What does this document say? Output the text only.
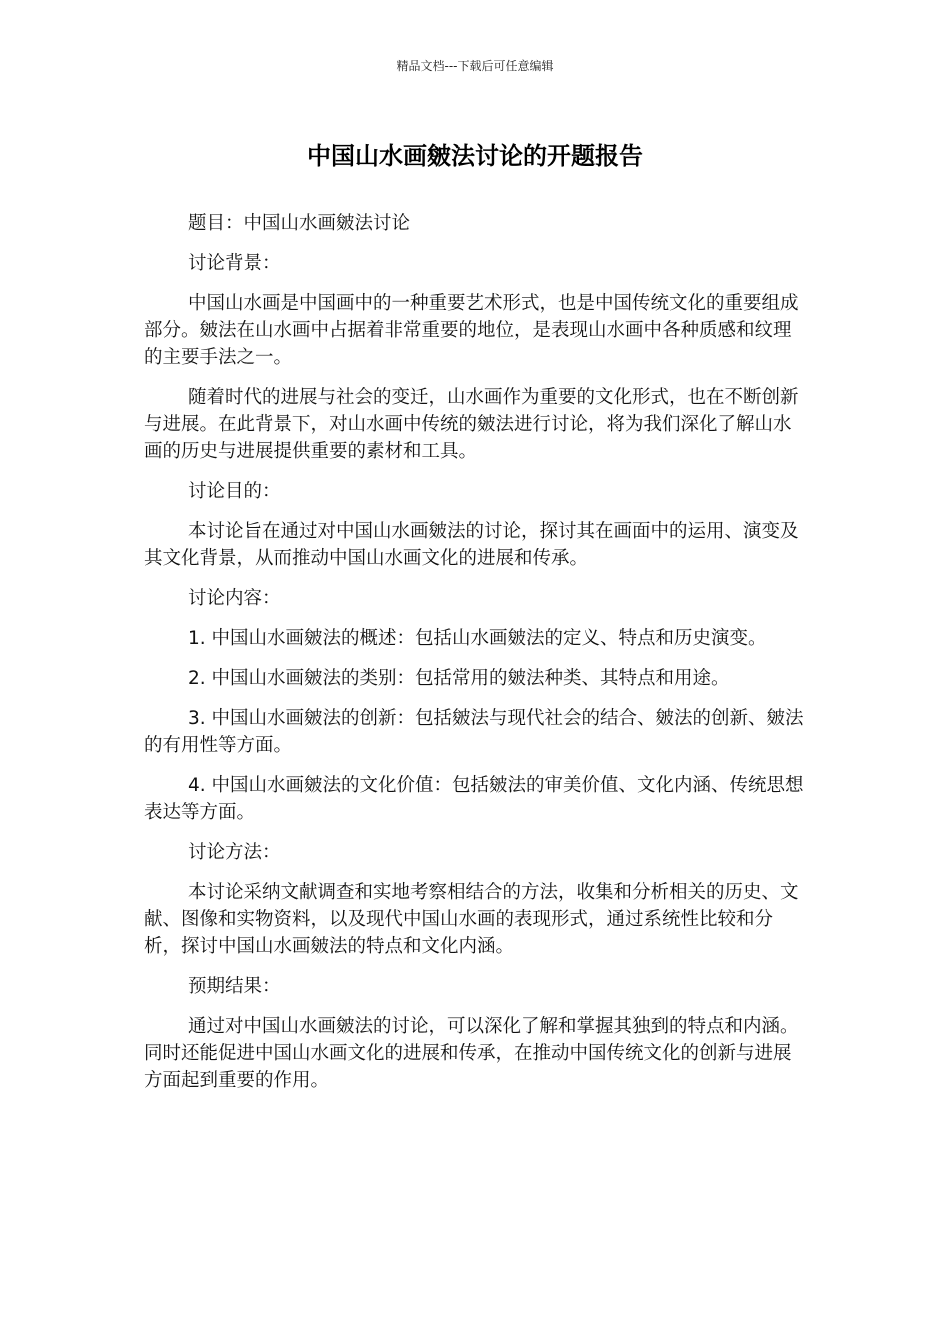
精品文档---下载后可任意编辑
中国山水画皴法讨论的开题报告

题目：中国山水画皴法讨论

讨论背景：

中国山水画是中国画中的一种重要艺术形式，也是中国传统文化的重要组成部分。皴法在山水画中占据着非常重要的地位，是表现山水画中各种质感和纹理的主要手法之一。

随着时代的进展与社会的变迁，山水画作为重要的文化形式，也在不断创新与进展。在此背景下，对山水画中传统的皴法进行讨论，将为我们深化了解山水画的历史与进展提供重要的素材和工具。

讨论目的：

本讨论旨在通过对中国山水画皴法的讨论，探讨其在画面中的运用、演变及其文化背景，从而推动中国山水画文化的进展和传承。

讨论内容：

1. 中国山水画皴法的概述：包括山水画皴法的定义、特点和历史演变。

2. 中国山水画皴法的类别：包括常用的皴法种类、其特点和用途。

3. 中国山水画皴法的创新：包括皴法与现代社会的结合、皴法的创新、皴法的有用性等方面。

4. 中国山水画皴法的文化价值：包括皴法的审美价值、文化内涵、传统思想表达等方面。

讨论方法：

本讨论采纳文献调查和实地考察相结合的方法，收集和分析相关的历史、文献、图像和实物资料，以及现代中国山水画的表现形式，通过系统性比较和分析，探讨中国山水画皴法的特点和文化内涵。

预期结果：

通过对中国山水画皴法的讨论，可以深化了解和掌握其独到的特点和内涵。同时还能促进中国山水画文化的进展和传承，在推动中国传统文化的创新与进展方面起到重要的作用。
